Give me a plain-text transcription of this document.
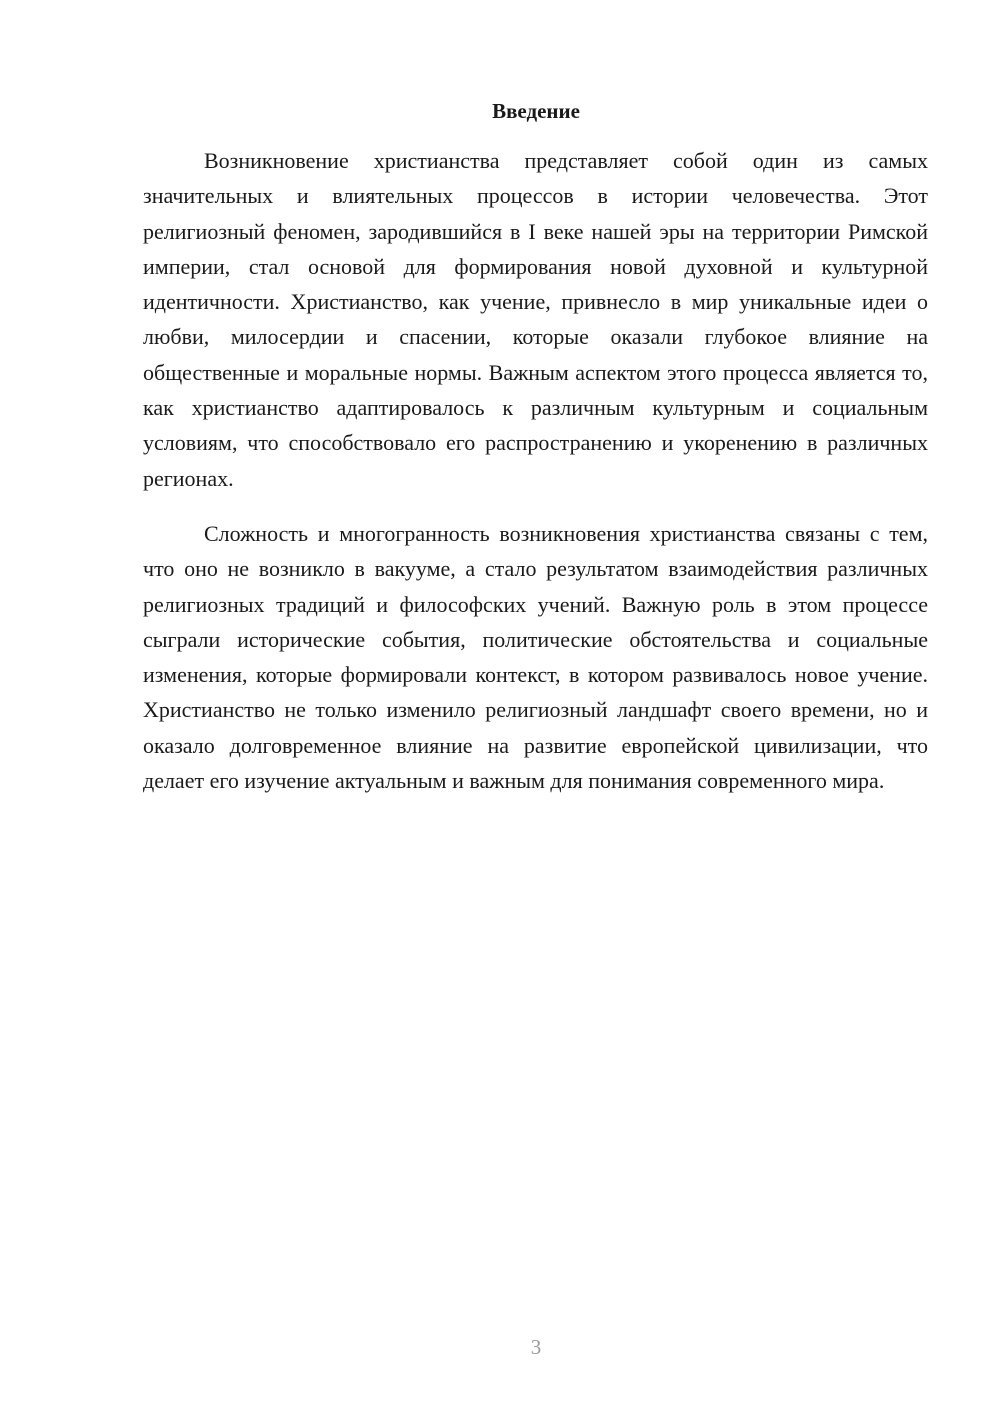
Введение

Возникновение христианства представляет собой один из самых значительных и влиятельных процессов в истории человечества. Этот религиозный феномен, зародившийся в I веке нашей эры на территории Римской империи, стал основой для формирования новой духовной и культурной идентичности. Христианство, как учение, привнесло в мир уникальные идеи о любви, милосердии и спасении, которые оказали глубокое влияние на общественные и моральные нормы. Важным аспектом этого процесса является то, как христианство адаптировалось к различным культурным и социальным условиям, что способствовало его распространению и укоренению в различных регионах.

Сложность и многогранность возникновения христианства связаны с тем, что оно не возникло в вакууме, а стало результатом взаимодействия различных религиозных традиций и философских учений. Важную роль в этом процессе сыграли исторические события, политические обстоятельства и социальные изменения, которые формировали контекст, в котором развивалось новое учение. Христианство не только изменило религиозный ландшафт своего времени, но и оказало долговременное влияние на развитие европейской цивилизации, что делает его изучение актуальным и важным для понимания современного мира.

3
